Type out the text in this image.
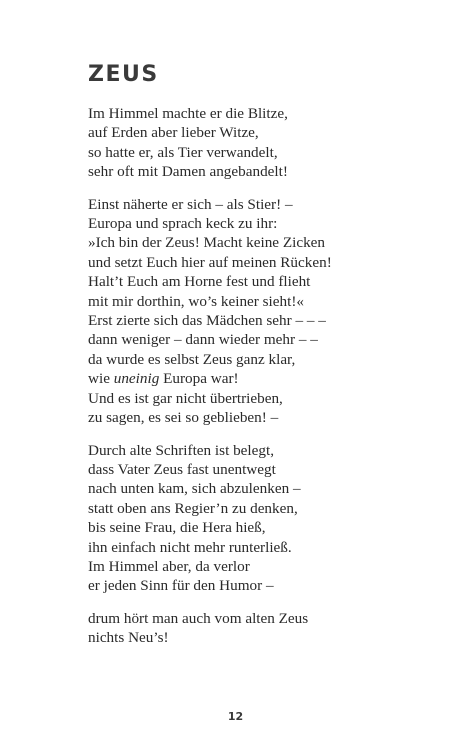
ZEUS
Im Himmel machte er die Blitze,
auf Erden aber lieber Witze,
so hatte er, als Tier verwandelt,
sehr oft mit Damen angebandelt!
Einst näherte er sich – als Stier! –
Europa und sprach keck zu ihr:
»Ich bin der Zeus! Macht keine Zicken
und setzt Euch hier auf meinen Rücken!
Halt’t Euch am Horne fest und flieht
mit mir dorthin, wo’s keiner sieht!«
Erst zierte sich das Mädchen sehr – – –
dann weniger – dann wieder mehr – –
da wurde es selbst Zeus ganz klar,
wie uneinig Europa war!
Und es ist gar nicht übertrieben,
zu sagen, es sei so geblieben! –
Durch alte Schriften ist belegt,
dass Vater Zeus fast unentwegt
nach unten kam, sich abzulenken –
statt oben ans Regier’n zu denken,
bis seine Frau, die Hera hieß,
ihn einfach nicht mehr runterließ.
Im Himmel aber, da verlor
er jeden Sinn für den Humor –
drum hört man auch vom alten Zeus
nichts Neu’s!
12
